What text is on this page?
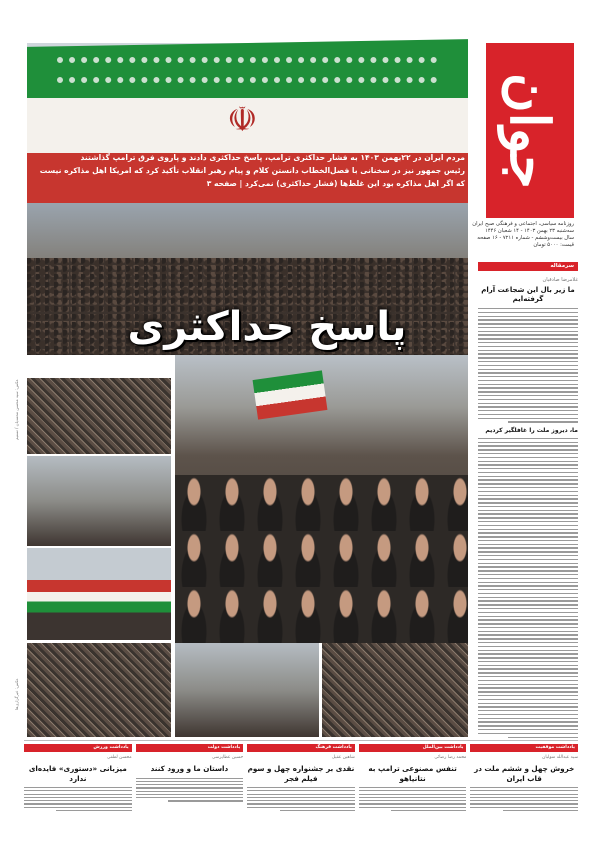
جوان
روزنامه سیاسی، اجتماعی و فرهنگی صبح ایران
سه‌شنبه ۲۳ بهمن ۱۴۰۳ - ۱۴ شعبان ۱۴۴۶
سال بیست‌وششم - شماره ۷۲۱۱ - ۱۶ صفحه
قیمت: ۵۰۰۰ تومان
سرمقاله
غلامرضا صادقیان
ما زیر بال این شجاعت آرام گرفته‌ایم
ما، دیروز ملت را غافلگیر کردیم
☫
مردم ایران در ۲۲بهمن ۱۴۰۳ به فشار حداکثری ترامپ، پاسخ حداکثری دادند و پاروی فرق ترامپ گذاشتند
رئیس جمهور نیز در سخنانی با فصل‌الخطاب دانستن کلام و پیام رهبر انقلاب تأکید کرد که امریکا اهل مذاکره نیست
که اگر اهل مذاکره بود این غلط‌ها (فشار حداکثری) نمی‌کرد | صفحه ۳
پاسخ حداکثری
عکس: سید محسن محمدیان / تسنیم
عکس: خبرگزاری‌ها
یادداشت موفقیت
سید عبدالله متولیان
خروش چهل و ششم ملت در قاب ایران
یادداشت بین‌الملل
محمد رضا رضائی
تنفس مصنوعی ترامپ به نتانیاهو
یادداشت فرهنگ
شاهین عقیل
نقدی بر جشنواره چهل و سوم فیلم فجر
یادداشت دولت
حسین عطاپرسی
داستان ما و ورود کنند
یادداشت ورزش
محسن لطفی
میزبانی «دستوری» فایده‌ای ندارد
